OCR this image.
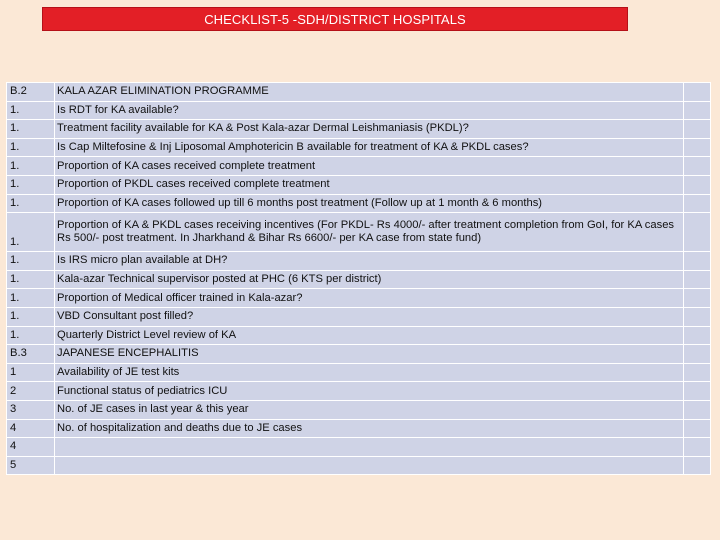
CHECKLIST-5 -SDH/DISTRICT HOSPITALS
B.2	KALA AZAR ELIMINATION PROGRAMME	
1.	Is RDT for KA available?	
1.	Treatment facility available for KA & Post Kala-azar Dermal Leishmaniasis (PKDL)?	
1.	Is Cap Miltefosine & Inj Liposomal Amphotericin B available for treatment of KA & PKDL cases?	
1.	Proportion of KA cases received complete treatment	
1.	Proportion of PKDL cases received complete treatment	
1.	Proportion of KA cases followed up till 6 months post treatment (Follow up at 1 month & 6 months)	
1.	Proportion of KA & PKDL cases receiving incentives (For PKDL- Rs 4000/- after treatment completion from GoI, for KA cases Rs 500/- post treatment. In Jharkhand & Bihar Rs 6600/- per KA case from state fund)	
1.	Is IRS micro plan available at DH?	
1.	Kala-azar Technical supervisor posted at PHC (6 KTS per district)	
1.	Proportion of Medical officer trained in Kala-azar?	
1.	VBD Consultant post filled?	
1.	Quarterly District Level review of KA	
B.3	JAPANESE ENCEPHALITIS	
1	Availability of JE test kits	
2	Functional status of pediatrics ICU	
3	No. of JE cases in last year & this year	
4	No. of hospitalization and deaths due to JE cases	
4		
5		
